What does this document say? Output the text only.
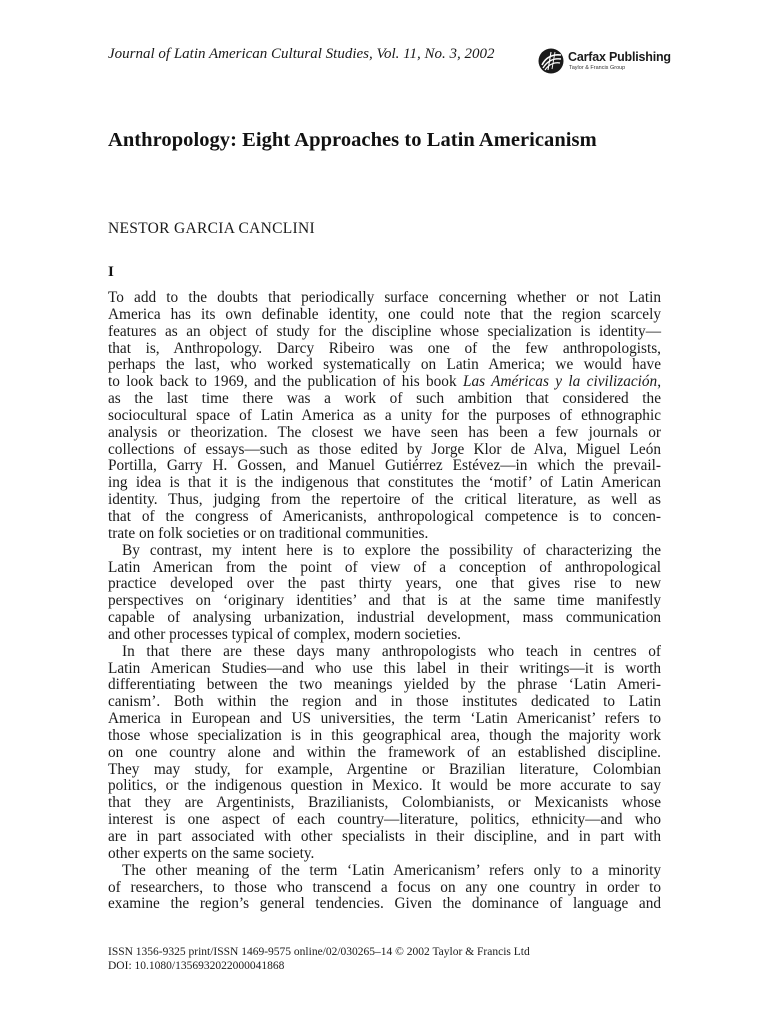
Journal of Latin American Cultural Studies, Vol. 11, No. 3, 2002	Carfax Publishing
Taylor & Francis Group
Anthropology: Eight Approaches to Latin Americanism
NESTOR GARCIA CANCLINI
I

To add to the doubts that periodically surface concerning whether or not Latin
America has its own definable identity, one could note that the region scarcely
features as an object of study for the discipline whose specialization is identity—
that is, Anthropology. Darcy Ribeiro was one of the few anthropologists,
perhaps the last, who worked systematically on Latin America; we would have
to look back to 1969, and the publication of his book Las Américas y la civilización,
as the last time there was a work of such ambition that considered the
sociocultural space of Latin America as a unity for the purposes of ethnographic
analysis or theorization. The closest we have seen has been a few journals or
collections of essays—such as those edited by Jorge Klor de Alva, Miguel León
Portilla, Garry H. Gossen, and Manuel Gutiérrez Estévez—in which the prevail-
ing idea is that it is the indigenous that constitutes the ‘motif’ of Latin American
identity. Thus, judging from the repertoire of the critical literature, as well as
that of the congress of Americanists, anthropological competence is to concen-
trate on folk societies or on traditional communities.

By contrast, my intent here is to explore the possibility of characterizing the
Latin American from the point of view of a conception of anthropological
practice developed over the past thirty years, one that gives rise to new
perspectives on ‘originary identities’ and that is at the same time manifestly
capable of analysing urbanization, industrial development, mass communication
and other processes typical of complex, modern societies.

In that there are these days many anthropologists who teach in centres of
Latin American Studies—and who use this label in their writings—it is worth
differentiating between the two meanings yielded by the phrase ‘Latin Ameri-
canism’. Both within the region and in those institutes dedicated to Latin
America in European and US universities, the term ‘Latin Americanist’ refers to
those whose specialization is in this geographical area, though the majority work
on one country alone and within the framework of an established discipline.
They may study, for example, Argentine or Brazilian literature, Colombian
politics, or the indigenous question in Mexico. It would be more accurate to say
that they are Argentinists, Brazilianists, Colombianists, or Mexicanists whose
interest is one aspect of each country—literature, politics, ethnicity—and who
are in part associated with other specialists in their discipline, and in part with
other experts on the same society.

The other meaning of the term ‘Latin Americanism’ refers only to a minority
of researchers, to those who transcend a focus on any one country in order to
examine the region’s general tendencies. Given the dominance of language and

ISSN 1356-9325 print/ISSN 1469-9575 online/02/030265–14 © 2002 Taylor & Francis Ltd
DOI: 10.1080/1356932022000041868
